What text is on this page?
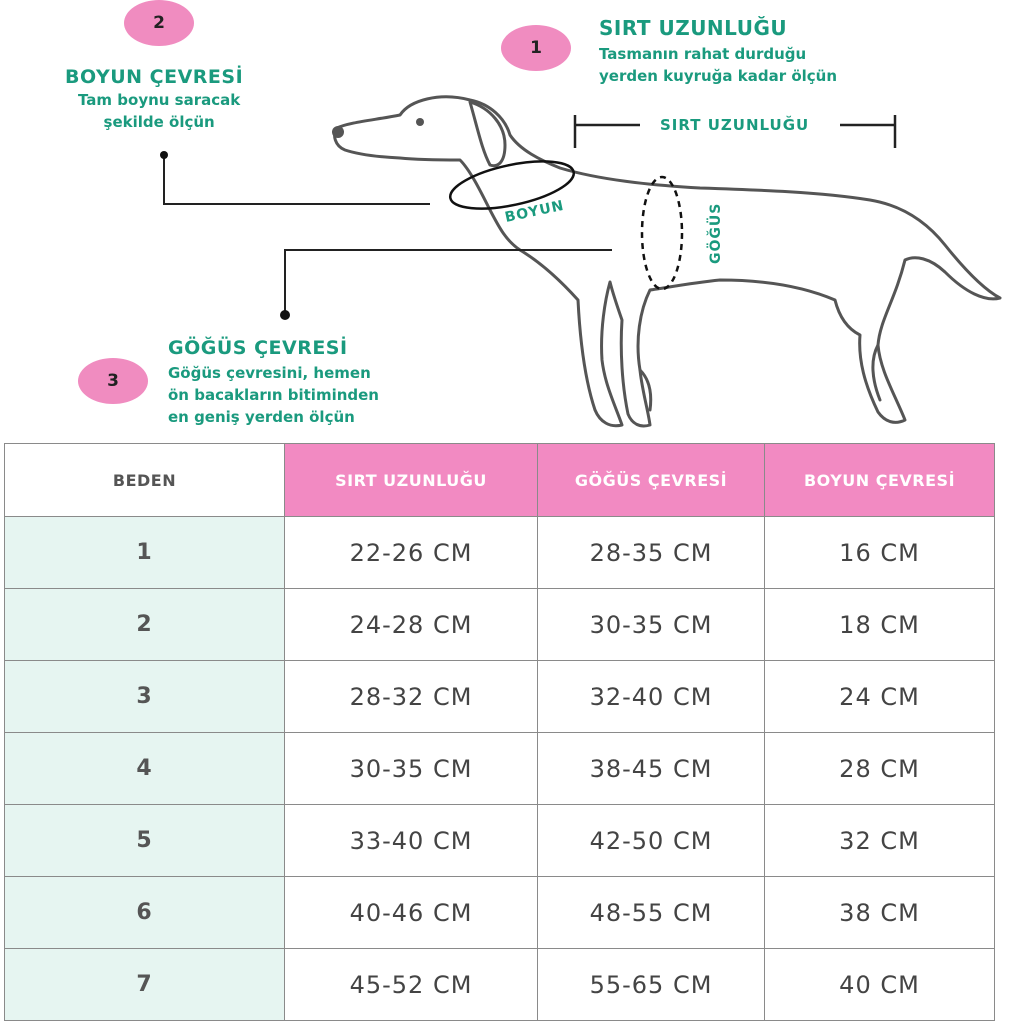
SIRT UZUNLUĞU
BOYUN	GÖĞÜS
2
1
3
SIRT UZUNLUĞU
Tasmanın rahat durduğu
yerden kuyruğa kadar ölçün
BOYUN ÇEVRESİ
Tam boynu saracak
şekilde ölçün
GÖĞÜS ÇEVRESİ
Göğüs çevresini, hemen
ön bacakların bitiminden
en geniş yerden ölçün
BEDEN	SIRT UZUNLUĞU	GÖĞÜS ÇEVRESİ	BOYUN ÇEVRESİ
1	22-26 CM	28-35 CM	16 CM
2	24-28 CM	30-35 CM	18 CM
3	28-32 CM	32-40 CM	24 CM
4	30-35 CM	38-45 CM	28 CM
5	33-40 CM	42-50 CM	32 CM
6	40-46 CM	48-55 CM	38 CM
7	45-52 CM	55-65 CM	40 CM
